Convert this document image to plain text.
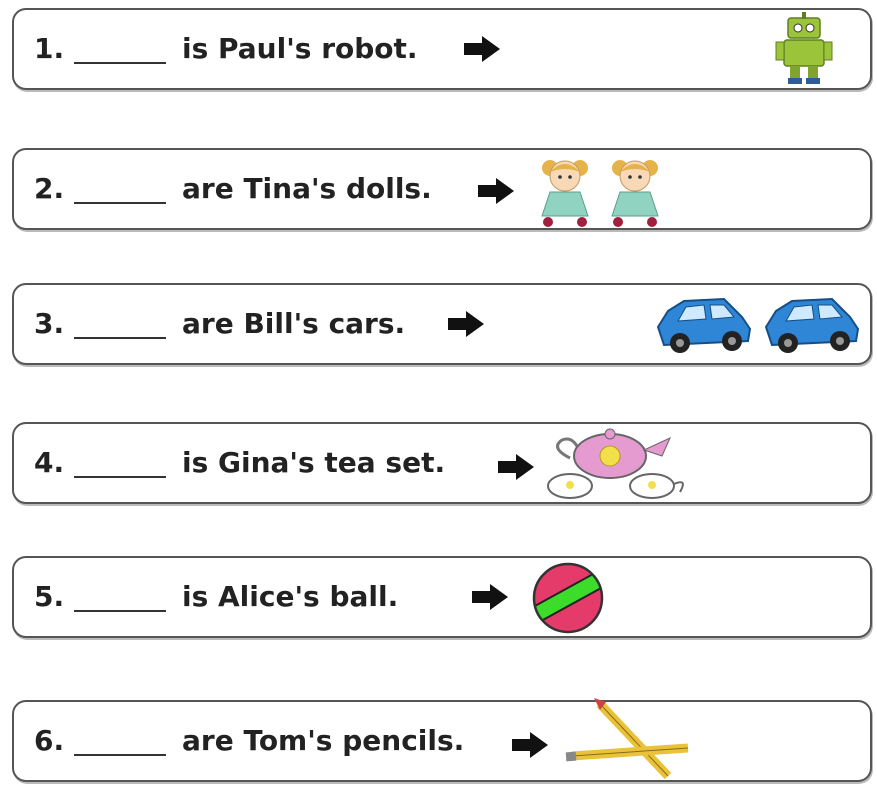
1.	is Paul's robot.
2.	are Tina's dolls.
3.	are Bill's cars.
4.	is Gina's tea set.
5.	is Alice's ball.
6.	are Tom's pencils.
